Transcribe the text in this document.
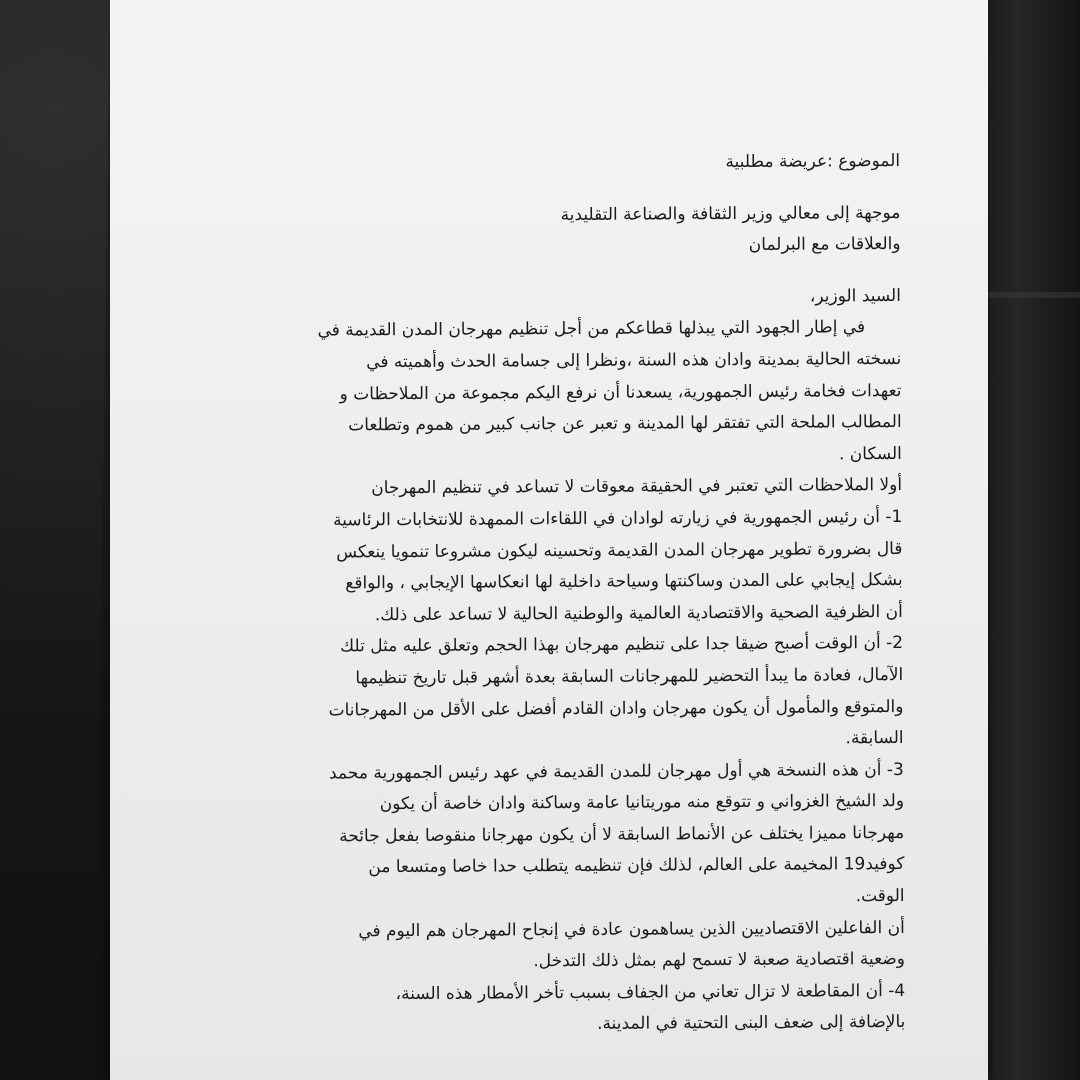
الموضوع :عريضة مطلبية
موجهة إلى معالي وزير الثقافة والصناعة التقليدية
والعلاقات مع البرلمان
السيد الوزير،
في إطار الجهود التي يبذلها قطاعكم من أجل تنظيم مهرجان المدن القديمة في
نسخته الحالية بمدينة وادان هذه السنة ،ونظرا إلى جسامة الحدث وأهميته في
تعهدات فخامة رئيس الجمهورية، يسعدنا أن نرفع اليكم مجموعة من الملاحظات و
المطالب الملحة التي تفتقر لها المدينة و تعبر عن جانب كبير من هموم وتطلعات
السكان .
أولا الملاحظات التي تعتبر في الحقيقة معوقات لا تساعد في تنظيم المهرجان
1- أن رئيس الجمهورية في زيارته لوادان في اللقاءات الممهدة للانتخابات الرئاسية
قال بضرورة تطوير مهرجان المدن القديمة وتحسينه ليكون مشروعا تنمويا ينعكس
بشكل إيجابي على المدن وساكنتها وسياحة داخلية لها انعكاسها الإيجابي ، والواقع
أن الظرفية الصحية والاقتصادية العالمية والوطنية الحالية لا تساعد على ذلك.
2- أن الوقت أصبح ضيقا جدا على تنظيم مهرجان بهذا الحجم وتعلق عليه مثل تلك
الآمال، فعادة ما يبدأ التحضير للمهرجانات السابقة بعدة أشهر قبل تاريخ تنظيمها
والمتوقع والمأمول أن يكون مهرجان وادان القادم أفضل على الأقل من المهرجانات
السابقة.
3- أن هذه النسخة هي أول مهرجان للمدن القديمة في عهد رئيس الجمهورية محمد
ولد الشيخ الغزواني و تتوقع منه موريتانيا عامة وساكنة وادان خاصة أن يكون
مهرجانا مميزا يختلف عن الأنماط السابقة لا أن يكون مهرجانا منقوصا بفعل جائحة
كوفيد19 المخيمة على العالم، لذلك فإن تنظيمه يتطلب حدا خاصا ومتسعا من
الوقت.
أن الفاعلين الاقتصاديين الذين يساهمون عادة في إنجاح المهرجان هم اليوم في
وضعية اقتصادية صعبة لا تسمح لهم بمثل ذلك التدخل.
4- أن المقاطعة لا تزال تعاني من الجفاف بسبب تأخر الأمطار هذه السنة،
بالإضافة إلى ضعف البنى التحتية في المدينة.
